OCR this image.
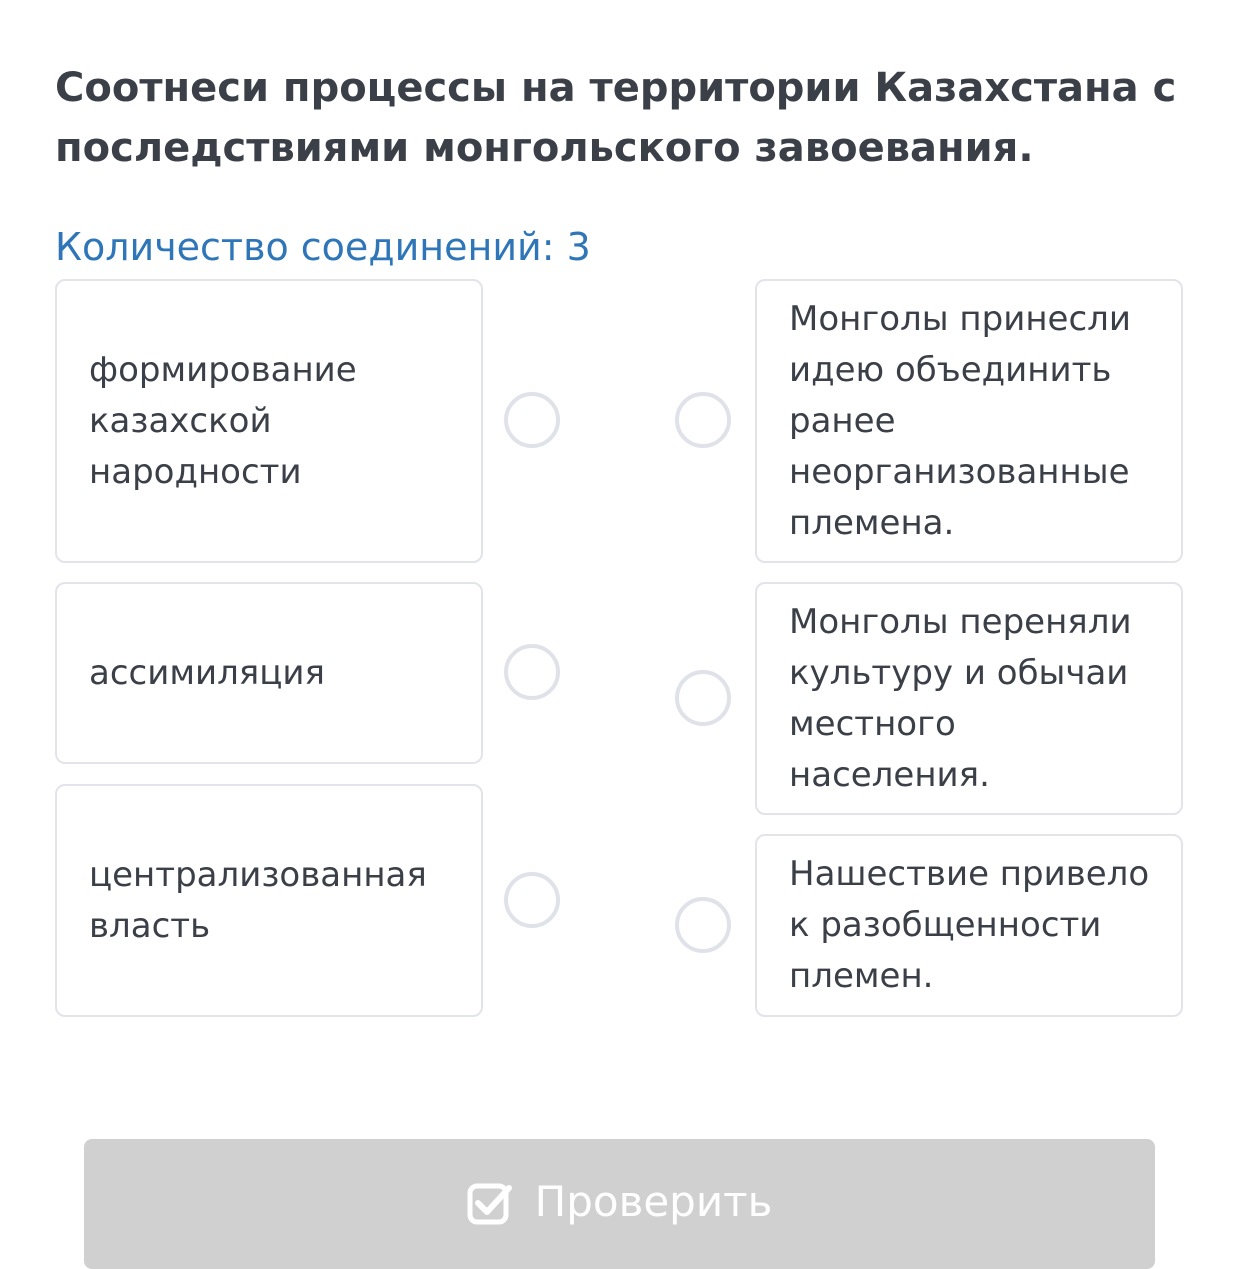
Соотнеси процессы на территории Казахстана с последствиями монгольского завоевания.
Количество соединений: 3
формирование казахской народности
ассимиляция
централизованная власть
Монголы принесли идею объединить ранее неорганизованные племена.
Монголы переняли культуру и обычаи местного населения.
Нашествие привело к разобщенности племен.
Проверить
